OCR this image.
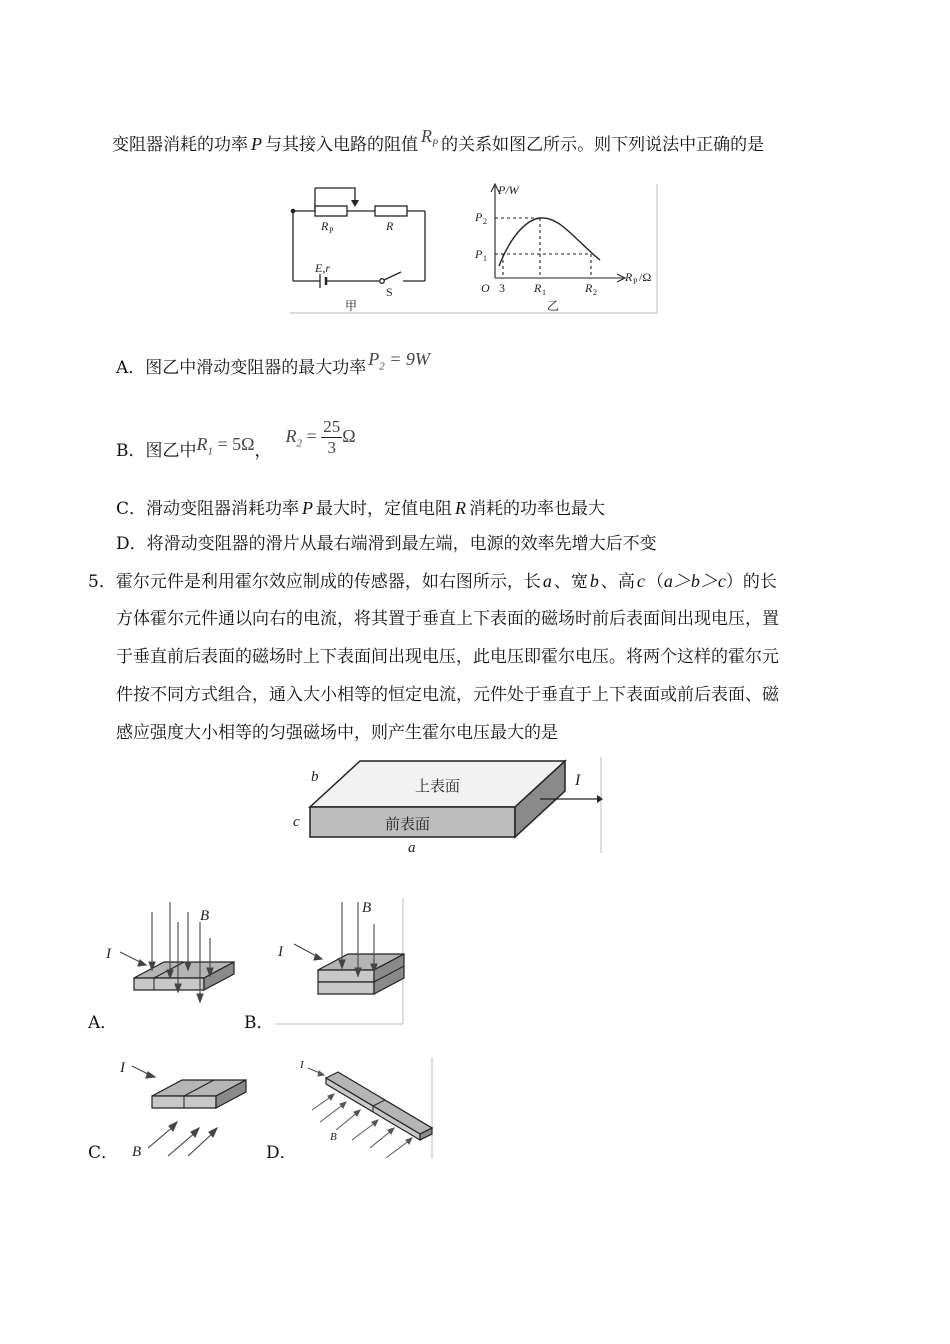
变阻器消耗的功率 P 与其接入电路的阻值 $R_P$ 的关系如图乙所示。则下列说法中正确的是
R P	R
E,r
S
甲
P/W
R P /Ω
P 2
P 1
O 3 R 1	R 2
乙
A．图乙中滑动变阻器的最大功率 $P_2 = 9W$
B．图乙中$R_1 = 5\Omega$，$R_2 = \frac{25}{3}$ Ω
C．滑动变阻器消耗功率 P 最大时，定值电阻 R 消耗的功率也最大
D．将滑动变阻器的滑片从最右端滑到最左端，电源的效率先增大后不变
5．霍尔元件是利用霍尔效应制成的传感器，如右图所示，长 a 、宽 b 、高 c （a＞b＞c）的长
方体霍尔元件通以向右的电流，将其置于垂直上下表面的磁场时前后表面间出现电压，置
于垂直前后表面的磁场时上下表面间出现电压，此电压即霍尔电压。将两个这样的霍尔元
件按不同方式组合，通入大小相等的恒定电流，元件处于垂直于上下表面或前后表面、磁
感应强度大小相等的匀强磁场中，则产生霍尔电压最大的是
上表面
前表面
b
c
a
I
B
I
A．
B
I
B．
I
B
C．
I
B
D．
